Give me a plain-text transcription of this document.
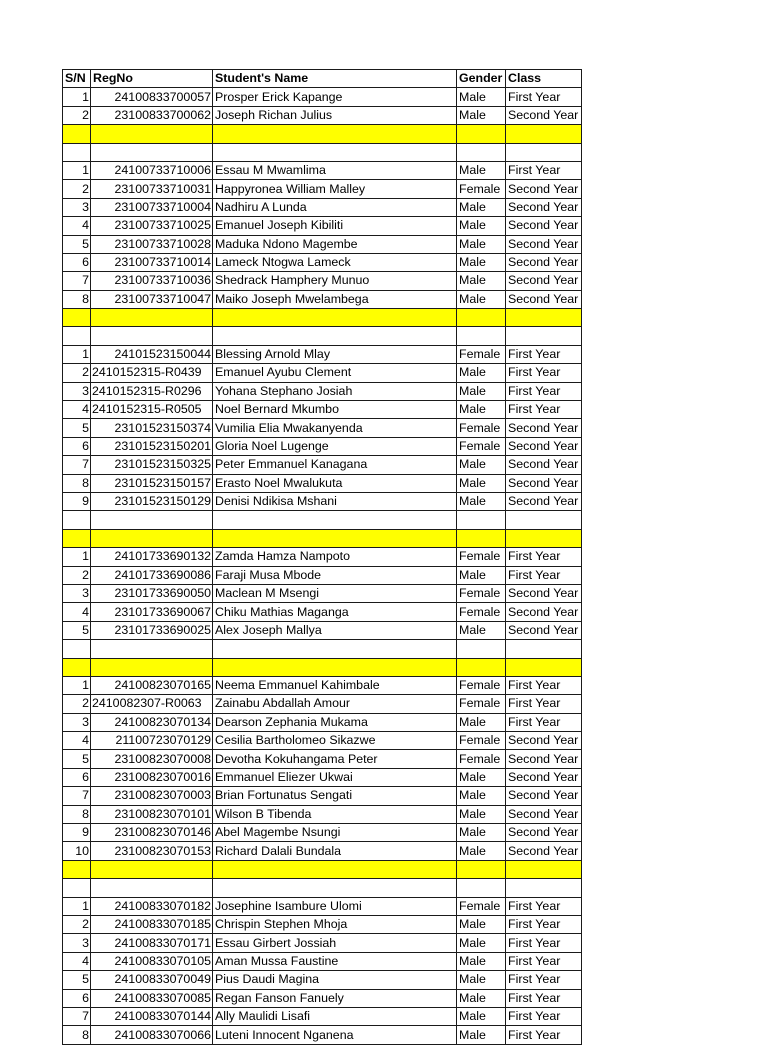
S/N	RegNo	Student's Name	Gender	Class
1	24100833700057	Prosper Erick Kapange	Male	First Year
2	23100833700062	Joseph Richan Julius	Male	Second Year

1	24100733710006	Essau M Mwamlima	Male	First Year
2	23100733710031	Happyronea William Malley	Female	Second Year
3	23100733710004	Nadhiru A Lunda	Male	Second Year
4	23100733710025	Emanuel Joseph Kibiliti	Male	Second Year
5	23100733710028	Maduka Ndono Magembe	Male	Second Year
6	23100733710014	Lameck Ntogwa Lameck	Male	Second Year
7	23100733710036	Shedrack Hamphery Munuo	Male	Second Year
8	23100733710047	Maiko Joseph Mwelambega	Male	Second Year

1	24101523150044	Blessing Arnold Mlay	Female	First Year
2	2410152315-R0439	Emanuel Ayubu Clement	Male	First Year
3	2410152315-R0296	Yohana Stephano Josiah	Male	First Year
4	2410152315-R0505	Noel Bernard Mkumbo	Male	First Year
5	23101523150374	Vumilia Elia Mwakanyenda	Female	Second Year
6	23101523150201	Gloria Noel Lugenge	Female	Second Year
7	23101523150325	Peter Emmanuel Kanagana	Male	Second Year
8	23101523150157	Erasto Noel Mwalukuta	Male	Second Year
9	23101523150129	Denisi Ndikisa Mshani	Male	Second Year

1	24101733690132	Zamda Hamza Nampoto	Female	First Year
2	24101733690086	Faraji Musa Mbode	Male	First Year
3	23101733690050	Maclean M Msengi	Female	Second Year
4	23101733690067	Chiku Mathias Maganga	Female	Second Year
5	23101733690025	Alex Joseph Mallya	Male	Second Year

1	24100823070165	Neema Emmanuel Kahimbale	Female	First Year
2	2410082307-R0063	Zainabu Abdallah Amour	Female	First Year
3	24100823070134	Dearson Zephania Mukama	Male	First Year
4	21100723070129	Cesilia Bartholomeo Sikazwe	Female	Second Year
5	23100823070008	Devotha Kokuhangama Peter	Female	Second Year
6	23100823070016	Emmanuel Eliezer Ukwai	Male	Second Year
7	23100823070003	Brian Fortunatus Sengati	Male	Second Year
8	23100823070101	Wilson B Tibenda	Male	Second Year
9	23100823070146	Abel Magembe Nsungi	Male	Second Year
10	23100823070153	Richard Dalali Bundala	Male	Second Year

1	24100833070182	Josephine Isambure Ulomi	Female	First Year
2	24100833070185	Chrispin Stephen Mhoja	Male	First Year
3	24100833070171	Essau Girbert Jossiah	Male	First Year
4	24100833070105	Aman Mussa Faustine	Male	First Year
5	24100833070049	Pius Daudi Magina	Male	First Year
6	24100833070085	Regan Fanson Fanuely	Male	First Year
7	24100833070144	Ally Maulidi Lisafi	Male	First Year
8	24100833070066	Luteni Innocent Nganena	Male	First Year
